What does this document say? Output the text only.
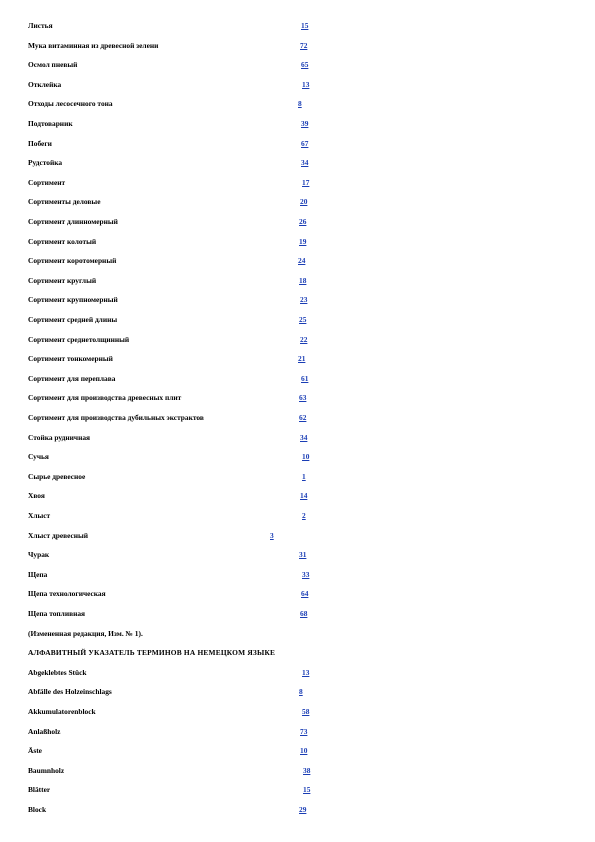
Листья	15
Мука витаминная из древесной зелени	72
Осмол пневый	65
Отклейка	13
Отходы лесосечного тона	8
Подтоварник	39
Побеги	67
Рудстойка	34
Сортимент	17
Сортименты деловые	20
Сортимент длинномерный	26
Сортимент колотый	19
Сортимент коротомерный	24
Сортимент круглый	18
Сортимент крупномерный	23
Сортимент средней длины	25
Сортимент среднетолщинный	22
Сортимент тонкомерный	21
Сортимент для переплава	61
Сортимент для производства древесных плит	63
Сортимент для производства дубильных экстрактов	62
Стойка рудничная	34
Сучья	10
Сырье древесное	1
Хвоя	14
Хлыст	2
Хлыст древесный	3
Чурак	31
Щепа	33
Щепа технологическая	64
Щепа топливная	68
(Измененная редакция, Изм. № 1).
АЛФАВИТНЫЙ УКАЗАТЕЛЬ ТЕРМИНОВ НА НЕМЕЦКОМ ЯЗЫКЕ
Abgeklebtes Stück	13
Abfälle des Holzeinschlags	8
Akkumulatorenblock	58
Anlaßholz	73
Äste	10
Baumnholz	38
Blätter	15
Block	29
